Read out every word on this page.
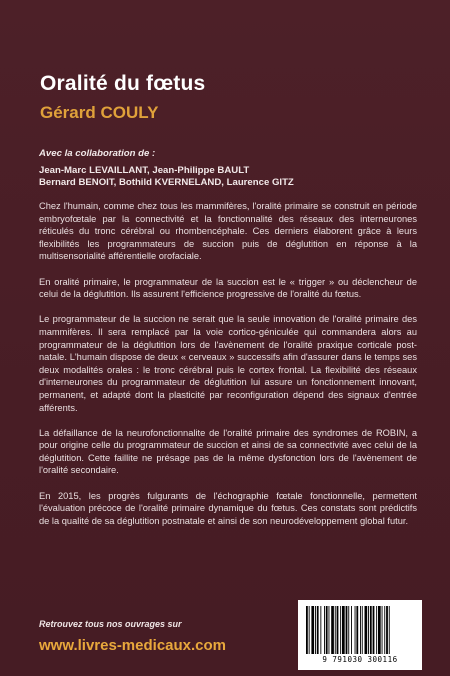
Oralité du fœtus
Gérard COULY
Avec la collaboration de :
Jean-Marc LEVAILLANT, Jean-Philippe BAULT
Bernard BENOIT, Bothild KVERNELAND, Laurence GITZ

Chez l'humain, comme chez tous les mammifères, l'oralité primaire se construit en période embryofœtale par la connectivité et la fonctionnalité des réseaux des interneurones réticulés du tronc cérébral ou rhombencéphale. Ces derniers élaborent grâce à leurs flexibilités les programmateurs de succion puis de déglutition en réponse à la multisensorialité afférentielle orofaciale.

En oralité primaire, le programmateur de la succion est le « trigger » ou déclencheur de celui de la déglutition. Ils assurent l'efficience progressive de l'oralité du fœtus.

Le programmateur de la succion ne serait que la seule innovation de l'oralité primaire des mammifères. Il sera remplacé par la voie cortico-géniculée qui commandera alors au programmateur de la déglutition lors de l'avènement de l'oralité praxique corticale post-natale. L'humain dispose de deux « cerveaux » successifs afin d'assurer dans le temps ses deux modalités orales : le tronc cérébral puis le cortex frontal. La flexibilité des réseaux d'interneurones du programmateur de déglutition lui assure un fonctionnement innovant, permanent, et adapté dont la plasticité par reconfiguration dépend des signaux d'entrée afférents.

La défaillance de la neurofonctionnalite de l'oralité primaire des syndromes de ROBIN, a pour origine celle du programmateur de succion et ainsi de sa connectivité avec celui de la déglutition. Cette faillite ne présage pas de la même dysfonction lors de l'avènement de l'oralité secondaire.

En 2015, les progrès fulgurants de l'échographie fœtale fonctionnelle, permettent l'évaluation précoce de l'oralité primaire dynamique du fœtus. Ces constats sont prédictifs de la qualité de sa déglutition postnatale et ainsi de son neurodéveloppement global futur.

Retrouvez tous nos ouvrages sur
www.livres-medicaux.com
9 791030 300116
